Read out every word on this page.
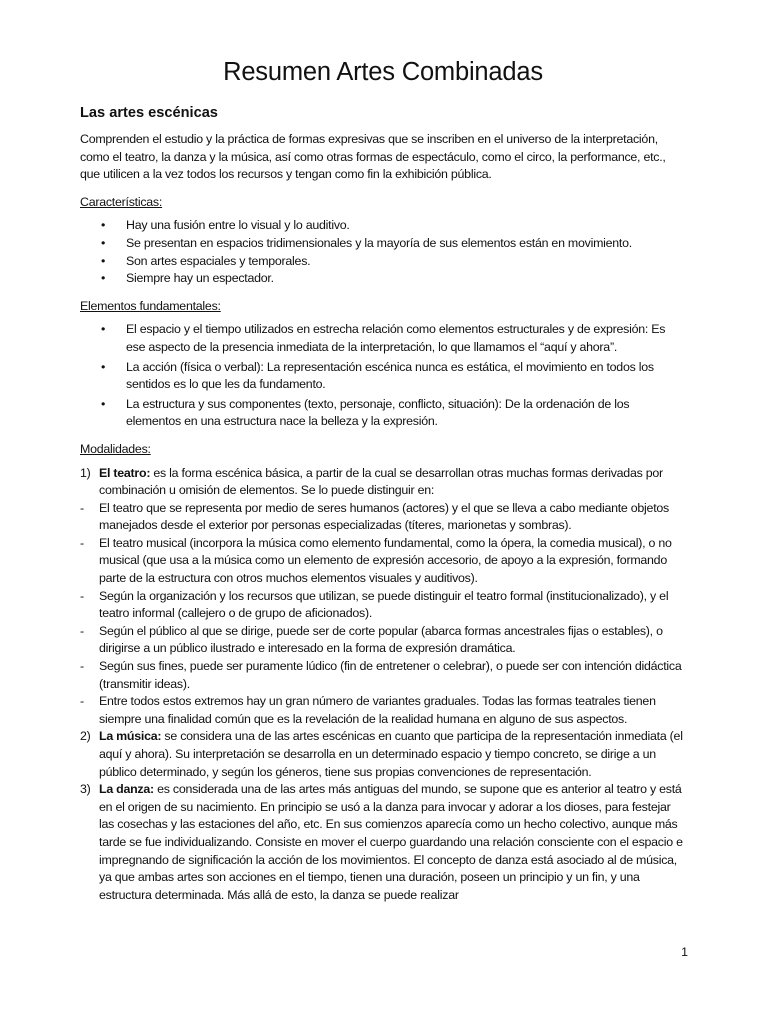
Resumen Artes Combinadas
Las artes escénicas

Comprenden el estudio y la práctica de formas expresivas que se inscriben en el universo de la interpretación, como el teatro, la danza y la música, así como otras formas de espectáculo, como el circo, la performance, etc., que utilicen a la vez todos los recursos y tengan como fin la exhibición pública.

Características:
• Hay una fusión entre lo visual y lo auditivo.
• Se presentan en espacios tridimensionales y la mayoría de sus elementos están en movimiento.
• Son artes espaciales y temporales.
• Siempre hay un espectador.
Elementos fundamentales:
• El espacio y el tiempo utilizados en estrecha relación como elementos estructurales y de expresión: Es ese aspecto de la presencia inmediata de la interpretación, lo que llamamos el “aquí y ahora”.
• La acción (física o verbal): La representación escénica nunca es estática, el movimiento en todos los sentidos es lo que les da fundamento.
• La estructura y sus componentes (texto, personaje, conflicto, situación): De la ordenación de los elementos en una estructura nace la belleza y la expresión.
Modalidades:
1) El teatro: es la forma escénica básica, a partir de la cual se desarrollan otras muchas formas derivadas por combinación u omisión de elementos. Se lo puede distinguir en:
- El teatro que se representa por medio de seres humanos (actores) y el que se lleva a cabo mediante objetos manejados desde el exterior por personas especializadas (títeres, marionetas y sombras).
- El teatro musical (incorpora la música como elemento fundamental, como la ópera, la comedia musical), o no musical (que usa a la música como un elemento de expresión accesorio, de apoyo a la expresión, formando parte de la estructura con otros muchos elementos visuales y auditivos).
- Según la organización y los recursos que utilizan, se puede distinguir el teatro formal (institucionalizado), y el teatro informal (callejero o de grupo de aficionados).
- Según el público al que se dirige, puede ser de corte popular (abarca formas ancestrales fijas o estables), o dirigirse a un público ilustrado e interesado en la forma de expresión dramática.
- Según sus fines, puede ser puramente lúdico (fin de entretener o celebrar), o puede ser con intención didáctica (transmitir ideas).
- Entre todos estos extremos hay un gran número de variantes graduales. Todas las formas teatrales tienen siempre una finalidad común que es la revelación de la realidad humana en alguno de sus aspectos.
2) La música: se considera una de las artes escénicas en cuanto que participa de la representación inmediata (el aquí y ahora). Su interpretación se desarrolla en un determinado espacio y tiempo concreto, se dirige a un público determinado, y según los géneros, tiene sus propias convenciones de representación.
3) La danza: es considerada una de las artes más antiguas del mundo, se supone que es anterior al teatro y está en el origen de su nacimiento. En principio se usó a la danza para invocar y adorar a los dioses, para festejar las cosechas y las estaciones del año, etc. En sus comienzos aparecía como un hecho colectivo, aunque más tarde se fue individualizando. Consiste en mover el cuerpo guardando una relación consciente con el espacio e impregnando de significación la acción de los movimientos. El concepto de danza está asociado al de música, ya que ambas artes son acciones en el tiempo, tienen una duración, poseen un principio y un fin, y una estructura determinada. Más allá de esto, la danza se puede realizar
1
